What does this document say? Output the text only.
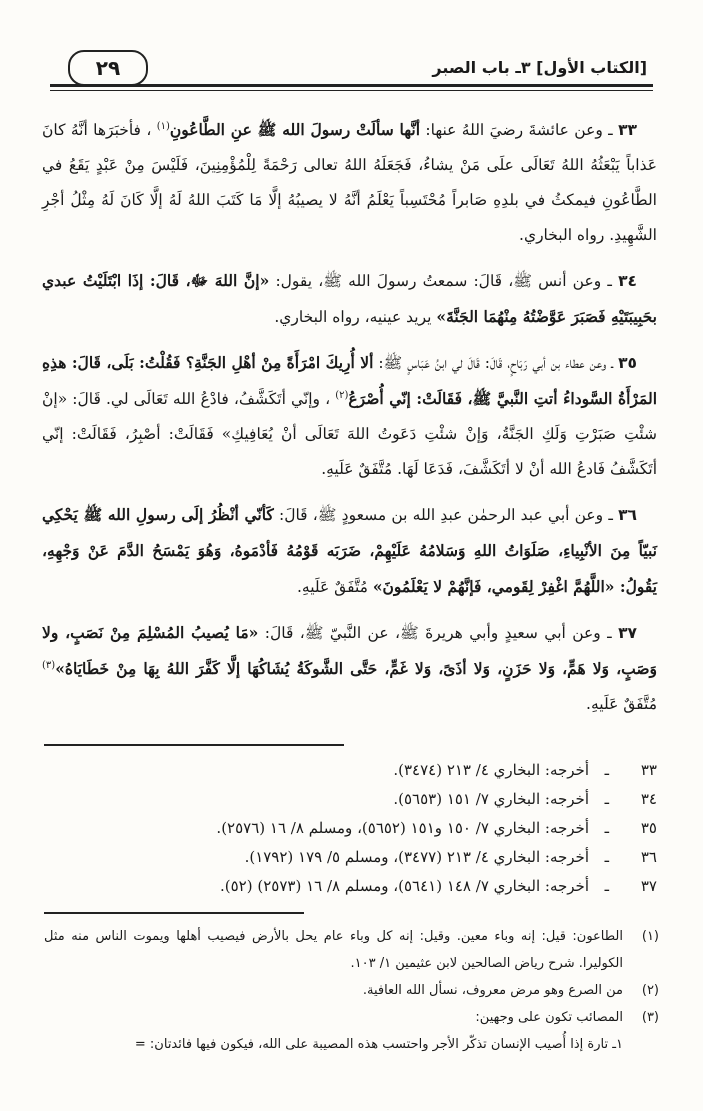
[الكتاب الأول] ٣ـ باب الصبر
٢٩

٣٣ ـ وعن عائشةَ رضيَ اللهُ عنها: أنَّها سألَتْ رسولَ الله ﷺ عنِ الطَّاعُونِ$^{(١)}$ ، فأخبَرَها أنَّهُ كانَ عَذاباً يَبْعَثُهُ اللهُ تَعَالَى علَى مَنْ يشاءُ، فَجَعَلَهُ اللهُ تعالى رَحْمَةً لِلْمُؤْمِنِينَ، فَلَيْسَ مِنْ عَبْدٍ يَقَعُ في الطَّاعُونِ فيمكثُ في بلدِهِ صَابراً مُحْتَسِباً يَعْلَمُ أنَّهُ لا يصيبُهُ إلَّا مَا كَتَبَ اللهُ لَهُ إلَّا كَانَ لَهُ مِثْلُ أجْرِ الشَّهِيدِ. رواه البخاري.

٣٤ ـ وعن أنس ﷺ، قَالَ: سمعتُ رسولَ الله ﷺ، يقول: «إنَّ اللهَ ﷻ، قَالَ: إذَا ابْتَلَيْتُ عبدي بحَبِيبَتَيْهِ فَصَبَرَ عَوَّضْتُهُ مِنْهُمَا الجَنَّةَ» يريد عينيه، رواه البخاري.

٣٥ ـ وعن عطاء بن أبي رَبَاحٍ، قَالَ: قَالَ لي ابنُ عَبَاسٍ ﷺ: ألا أُرِيكَ امْرَأَةً مِنْ أهْلِ الجَنَّةِ؟ فَقُلْتُ: بَلَى، قَالَ: هذِهِ المَرْأَةُ السَّوداءُ أتتِ النَّبيَّ ﷺ، فَقَالَتْ: إنّي أُصْرَعُ$^{(٢)}$ ، وإنّي أتَكَشَّفُ، فادْعُ الله تَعَالَى لي. قَالَ: «إنْ شئْتِ صَبَرْتِ وَلَكِ الجَنَّةُ، وَإنْ شئْتِ دَعَوتُ اللهَ تَعَالَى أنْ يُعَافِيكِ» فَقَالَتْ: أصْبِرُ، فَقَالَتْ: إنّي أتَكَشَّفُ فَادعُ الله أنْ لا أتَكَشَّفَ، فَدَعَا لَهَا. مُتَّفَقٌ عَلَيهِ.

٣٦ ـ وعن أبي عبد الرحمٰن عبدِ الله بن مسعودٍ ﷺ، قَالَ: كَأنّي أنْظُرُ إلَى رسولِ الله ﷺ يَحْكِي نَبيّاً مِنَ الأنْبِياءِ، صَلَوَاتُ اللهِ وَسَلامُهُ عَلَيْهِمْ، ضَرَبَه قَوْمُهُ فَأدْمَوهُ، وَهُوَ يَمْسَحُ الدَّمَ عَنْ وَجْهِهِ، يَقُولُ: «اللَّهُمَّ اغْفِرْ لِقَومي، فَإنَّهُمْ لا يَعْلَمُونَ» مُتَّفَقٌ عَلَيهِ.

٣٧ ـ وعن أبي سعيدٍ وأبي هريرةَ ﷺ، عن النَّبيّ ﷺ، قَالَ: «مَا يُصيبُ المُسْلِمَ مِنْ نَصَبٍ، ولا وَصَبٍ، وَلا هَمٍّ، وَلا حَزَنٍ، وَلا أذَىً، وَلا غَمٍّ، حَتَّى الشَّوكَةُ يُشَاكُهَا إلَّا كَفَّرَ اللهُ بِهَا مِنْ خَطَايَاهُ»$^{(٣)}$ مُتَّفَقٌ عَلَيهِ.

٣٣
ـ
أخرجه: البخاري ٤/ ٢١٣ (٣٤٧٤).
٣٤
ـ
أخرجه: البخاري ٧/ ١٥١ (٥٦٥٣).
٣٥
ـ
أخرجه: البخاري ٧/ ١٥٠ و١٥١ (٥٦٥٢)، ومسلم ٨/ ١٦ (٢٥٧٦).
٣٦
ـ
أخرجه: البخاري ٤/ ٢١٣ (٣٤٧٧)، ومسلم ٥/ ١٧٩ (١٧٩٢).
٣٧
ـ
أخرجه: البخاري ٧/ ١٤٨ (٥٦٤١)، ومسلم ٨/ ١٦ (٢٥٧٣) (٥٢).
(١)
الطاعون: قيل: إنه وباء معين. وقيل: إنه كل وباء عام يحل بالأرض فيصيب أهلها ويموت الناس منه مثل الكوليرا. شرح رياض الصالحين لابن عثيمين ١/ ١٠٣.
(٢)
من الصرع وهو مرض معروف، نسأل الله العافية.
(٣)
المصائب تكون على وجهين:
١ـ تارة إذا أُصيب الإنسان تذكّر الأجر واحتسب هذه المصيبة على الله، فيكون فيها فائدتان: =
